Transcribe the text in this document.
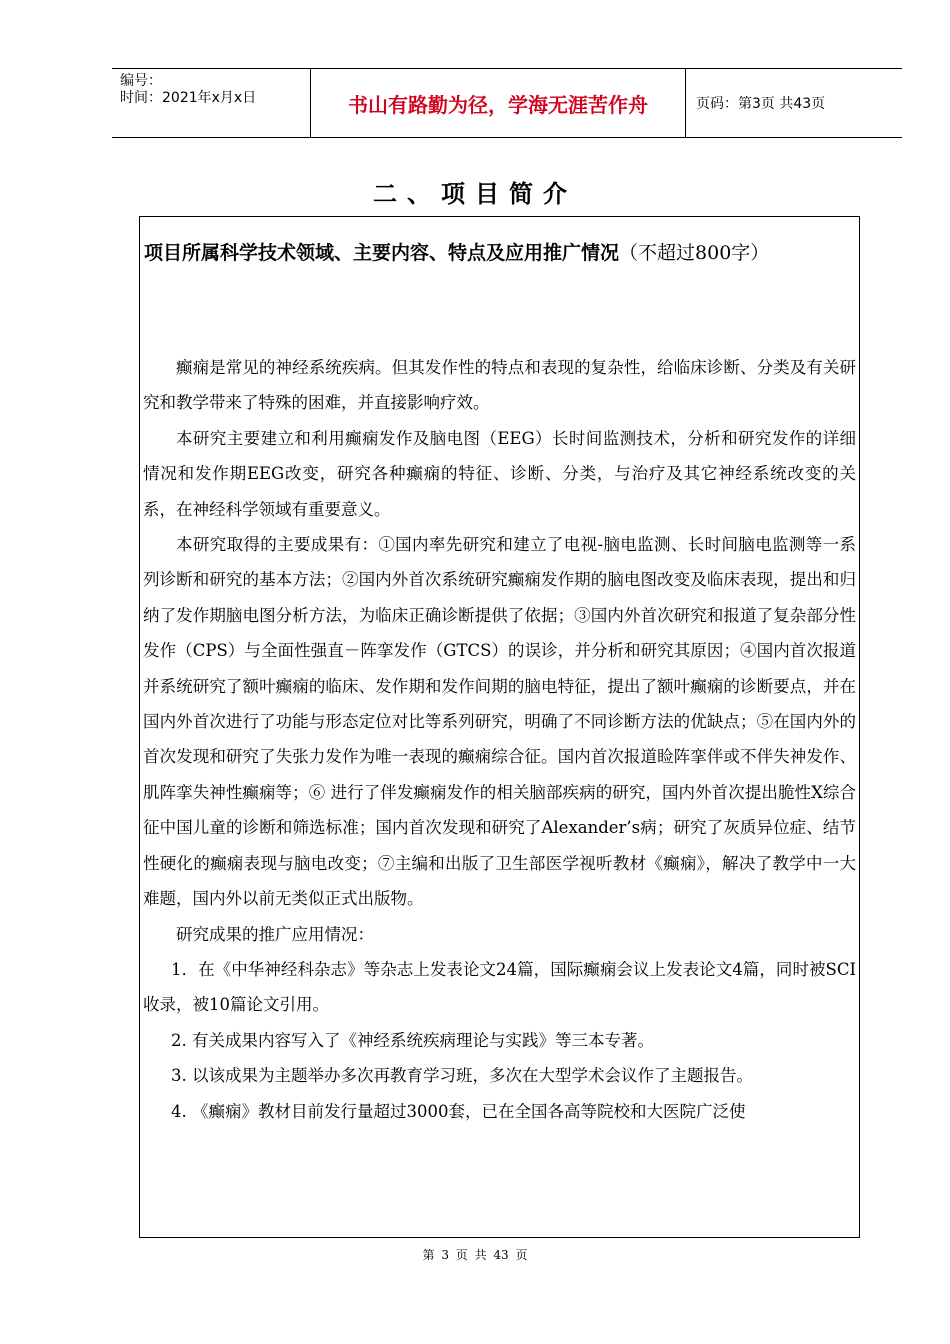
编号：
时间：2021年x月x日	书山有路勤为径，学海无涯苦作舟	页码：第3页 共43页
二、项目简介
项目所属科学技术领域、主要内容、特点及应用推广情况（不超过800字）

癫痫是常见的神经系统疾病。但其发作性的特点和表现的复杂性，给临床诊断、分类及有关研究和教学带来了特殊的困难，并直接影响疗效。

本研究主要建立和利用癫痫发作及脑电图（EEG）长时间监测技术，分析和研究发作的详细情况和发作期EEG改变，研究各种癫痫的特征、诊断、分类，与治疗及其它神经系统改变的关系，在神经科学领域有重要意义。

本研究取得的主要成果有：①国内率先研究和建立了电视-脑电监测、长时间脑电监测等一系列诊断和研究的基本方法；②国内外首次系统研究癫痫发作期的脑电图改变及临床表现，提出和归纳了发作期脑电图分析方法，为临床正确诊断提供了依据；③国内外首次研究和报道了复杂部分性发作（CPS）与全面性强直－阵挛发作（GTCS）的误诊，并分析和研究其原因；④国内首次报道并系统研究了额叶癫痫的临床、发作期和发作间期的脑电特征，提出了额叶癫痫的诊断要点，并在国内外首次进行了功能与形态定位对比等系列研究，明确了不同诊断方法的优缺点；⑤在国内外的首次发现和研究了失张力发作为唯一表现的癫痫综合征。国内首次报道睑阵挛伴或不伴失神发作、肌阵挛失神性癫痫等；⑥ 进行了伴发癫痫发作的相关脑部疾病的研究，国内外首次提出脆性X综合征中国儿童的诊断和筛选标准；国内首次发现和研究了Alexander’s病；研究了灰质异位症、结节性硬化的癫痫表现与脑电改变；⑦主编和出版了卫生部医学视听教材《癫痫》，解决了教学中一大难题，国内外以前无类似正式出版物。

研究成果的推广应用情况：

1．在《中华神经科杂志》等杂志上发表论文24篇，国际癫痫会议上发表论文4篇，同时被SCI收录，被10篇论文引用。

2. 有关成果内容写入了《神经系统疾病理论与实践》等三本专著。

3. 以该成果为主题举办多次再教育学习班，多次在大型学术会议作了主题报告。

4. 《癫痫》教材目前发行量超过3000套，已在全国各高等院校和大医院广泛使

第 3 页 共 43 页
